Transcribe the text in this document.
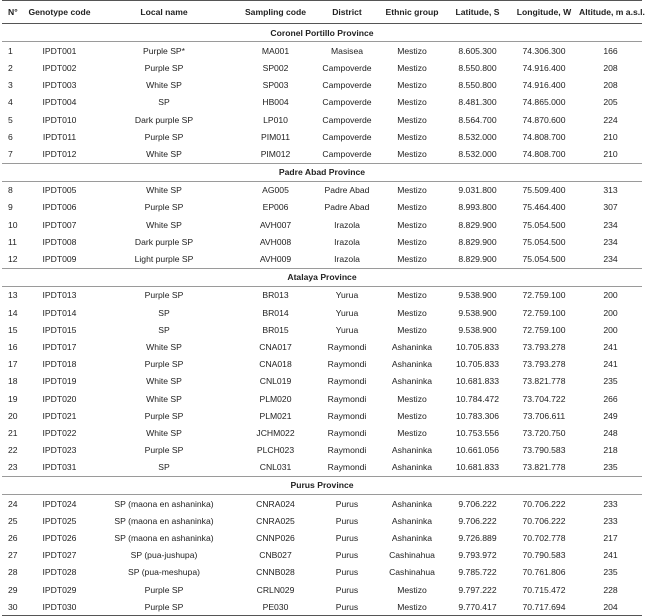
N°	Genotype code	Local name	Sampling code	District	Ethnic group	Latitude, S	Longitude, W	Altitude, m a.s.l.
Coronel Portillo Province								
1	IPDT001	Purple SP*	MA001	Masisea	Mestizo	8.605.300	74.306.300	166
2	IPDT002	Purple SP	SP002	Campoverde	Mestizo	8.550.800	74.916.400	208
3	IPDT003	White SP	SP003	Campoverde	Mestizo	8.550.800	74.916.400	208
4	IPDT004	SP	HB004	Campoverde	Mestizo	8.481.300	74.865.000	205
5	IPDT010	Dark purple SP	LP010	Campoverde	Mestizo	8.564.700	74.870.600	224
6	IPDT011	Purple SP	PIM011	Campoverde	Mestizo	8.532.000	74.808.700	210
7	IPDT012	White SP	PIM012	Campoverde	Mestizo	8.532.000	74.808.700	210
Padre Abad Province								
8	IPDT005	White SP	AG005	Padre Abad	Mestizo	9.031.800	75.509.400	313
9	IPDT006	Purple SP	EP006	Padre Abad	Mestizo	8.993.800	75.464.400	307
10	IPDT007	White SP	AVH007	Irazola	Mestizo	8.829.900	75.054.500	234
11	IPDT008	Dark purple SP	AVH008	Irazola	Mestizo	8.829.900	75.054.500	234
12	IPDT009	Light purple SP	AVH009	Irazola	Mestizo	8.829.900	75.054.500	234
Atalaya Province								
13	IPDT013	Purple SP	BR013	Yurua	Mestizo	9.538.900	72.759.100	200
14	IPDT014	SP	BR014	Yurua	Mestizo	9.538.900	72.759.100	200
15	IPDT015	SP	BR015	Yurua	Mestizo	9.538.900	72.759.100	200
16	IPDT017	White SP	CNA017	Raymondi	Ashaninka	10.705.833	73.793.278	241
17	IPDT018	Purple SP	CNA018	Raymondi	Ashaninka	10.705.833	73.793.278	241
18	IPDT019	White SP	CNL019	Raymondi	Ashaninka	10.681.833	73.821.778	235
19	IPDT020	White SP	PLM020	Raymondi	Mestizo	10.784.472	73.704.722	266
20	IPDT021	Purple SP	PLM021	Raymondi	Mestizo	10.783.306	73.706.611	249
21	IPDT022	White SP	JCHM022	Raymondi	Mestizo	10.753.556	73.720.750	248
22	IPDT023	Purple SP	PLCH023	Raymondi	Ashaninka	10.661.056	73.790.583	218
23	IPDT031	SP	CNL031	Raymondi	Ashaninka	10.681.833	73.821.778	235
Purus Province								
24	IPDT024	SP (maona en ashaninka)	CNRA024	Purus	Ashaninka	9.706.222	70.706.222	233
25	IPDT025	SP (maona en ashaninka)	CNRA025	Purus	Ashaninka	9.706.222	70.706.222	233
26	IPDT026	SP (maona en ashaninka)	CNNP026	Purus	Ashaninka	9.726.889	70.702.778	217
27	IPDT027	SP (pua-jushupa)	CNB027	Purus	Cashinahua	9.793.972	70.790.583	241
28	IPDT028	SP (pua-meshupa)	CNNB028	Purus	Cashinahua	9.785.722	70.761.806	235
29	IPDT029	Purple SP	CRLN029	Purus	Mestizo	9.797.222	70.715.472	228
30	IPDT030	Purple SP	PE030	Purus	Mestizo	9.770.417	70.717.694	204
